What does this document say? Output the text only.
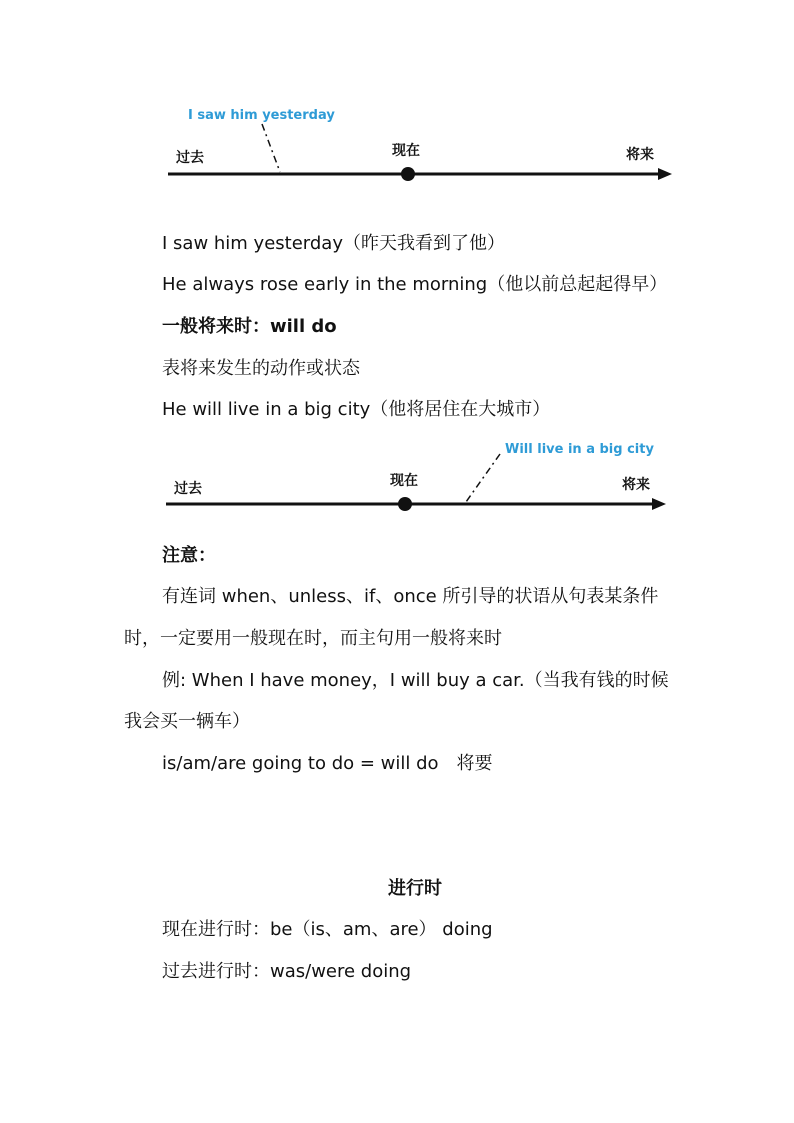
过去	现在	将来
I saw him yesterday
I saw him yesterday（昨天我看到了他）
He always rose early in the morning（他以前总起起得早）
一般将来时：will do
表将来发生的动作或状态
He will live in a big city（他将居住在大城市）
过去	现在	将来
Will live in a big city
注意：
有连词 when、unless、if、once 所引导的状语从句表某条件
时，一定要用一般现在时，而主句用一般将来时
例: When I have money，I will buy a car.（当我有钱的时候
我会买一辆车）
is/am/are going to do = will do　将要
进行时
现在进行时：be（is、am、are） doing
过去进行时：was/were doing
